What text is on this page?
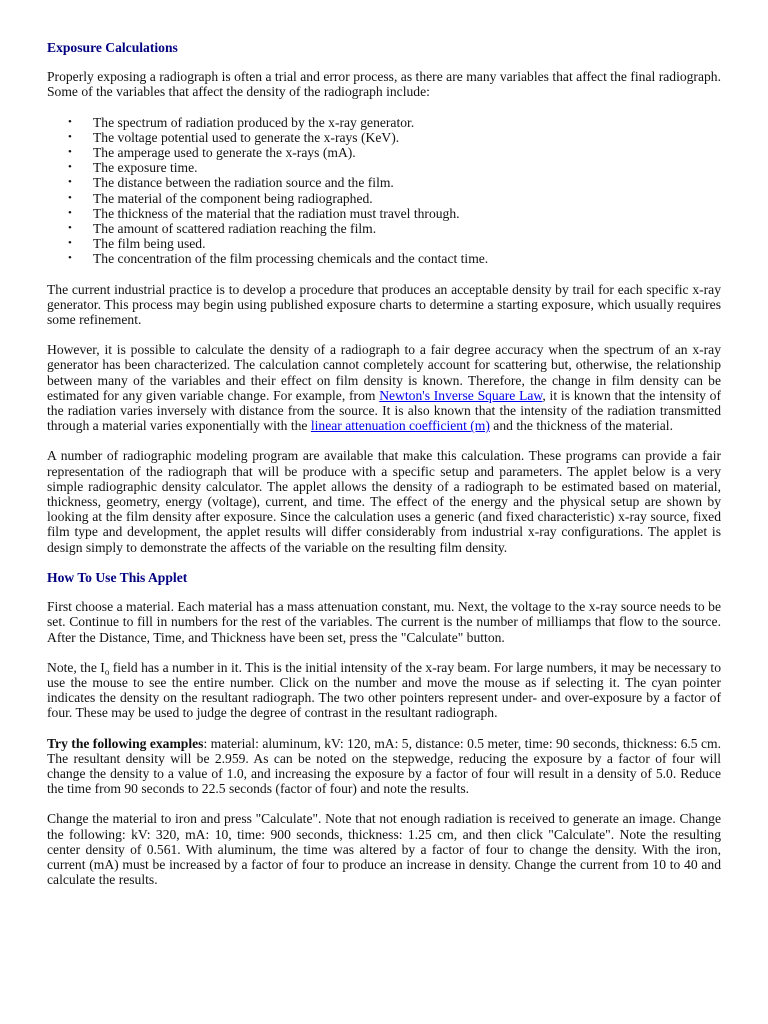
Exposure Calculations

Properly exposing a radiograph is often a trial and error process, as there are many variables that affect the final radiograph. Some of the variables that affect the density of the radiograph include:

• The spectrum of radiation produced by the x-ray generator.
• The voltage potential used to generate the x-rays (KeV).
• The amperage used to generate the x-rays (mA).
• The exposure time.
• The distance between the radiation source and the film.
• The material of the component being radiographed.
• The thickness of the material that the radiation must travel through.
• The amount of scattered radiation reaching the film.
• The film being used.
• The concentration of the film processing chemicals and the contact time.

The current industrial practice is to develop a procedure that produces an acceptable density by trail for each specific x-ray generator. This process may begin using published exposure charts to determine a starting exposure, which usually requires some refinement.

However, it is possible to calculate the density of a radiograph to a fair degree accuracy when the spectrum of an x-ray generator has been characterized. The calculation cannot completely account for scattering but, otherwise, the relationship between many of the variables and their effect on film density is known. Therefore, the change in film density can be estimated for any given variable change. For example, from Newton's Inverse Square Law, it is known that the intensity of the radiation varies inversely with distance from the source. It is also known that the intensity of the radiation transmitted through a material varies exponentially with the linear attenuation coefficient (m) and the thickness of the material.

A number of radiographic modeling program are available that make this calculation. These programs can provide a fair representation of the radiograph that will be produce with a specific setup and parameters. The applet below is a very simple radiographic density calculator. The applet allows the density of a radiograph to be estimated based on material, thickness, geometry, energy (voltage), current, and time. The effect of the energy and the physical setup are shown by looking at the film density after exposure. Since the calculation uses a generic (and fixed characteristic) x-ray source, fixed film type and development, the applet results will differ considerably from industrial x-ray configurations. The applet is design simply to demonstrate the affects of the variable on the resulting film density.

How To Use This Applet

First choose a material. Each material has a mass attenuation constant, mu. Next, the voltage to the x-ray source needs to be set. Continue to fill in numbers for the rest of the variables. The current is the number of milliamps that flow to the source. After the Distance, Time, and Thickness have been set, press the "Calculate" button.

Note, the $I_o$ field has a number in it. This is the initial intensity of the x-ray beam. For large numbers, it may be necessary to use the mouse to see the entire number. Click on the number and move the mouse as if selecting it. The cyan pointer indicates the density on the resultant radiograph. The two other pointers represent under- and over-exposure by a factor of four. These may be used to judge the degree of contrast in the resultant radiograph.

Try the following examples: material: aluminum, kV: 120, mA: 5, distance: 0.5 meter, time: 90 seconds, thickness: 6.5 cm. The resultant density will be 2.959. As can be noted on the stepwedge, reducing the exposure by a factor of four will change the density to a value of 1.0, and increasing the exposure by a factor of four will result in a density of 5.0. Reduce the time from 90 seconds to 22.5 seconds (factor of four) and note the results.

Change the material to iron and press "Calculate". Note that not enough radiation is received to generate an image. Change the following: kV: 320, mA: 10, time: 900 seconds, thickness: 1.25 cm, and then click "Calculate". Note the resulting center density of 0.561. With aluminum, the time was altered by a factor of four to change the density. With the iron, current (mA) must be increased by a factor of four to produce an increase in density. Change the current from 10 to 40 and calculate the results.
